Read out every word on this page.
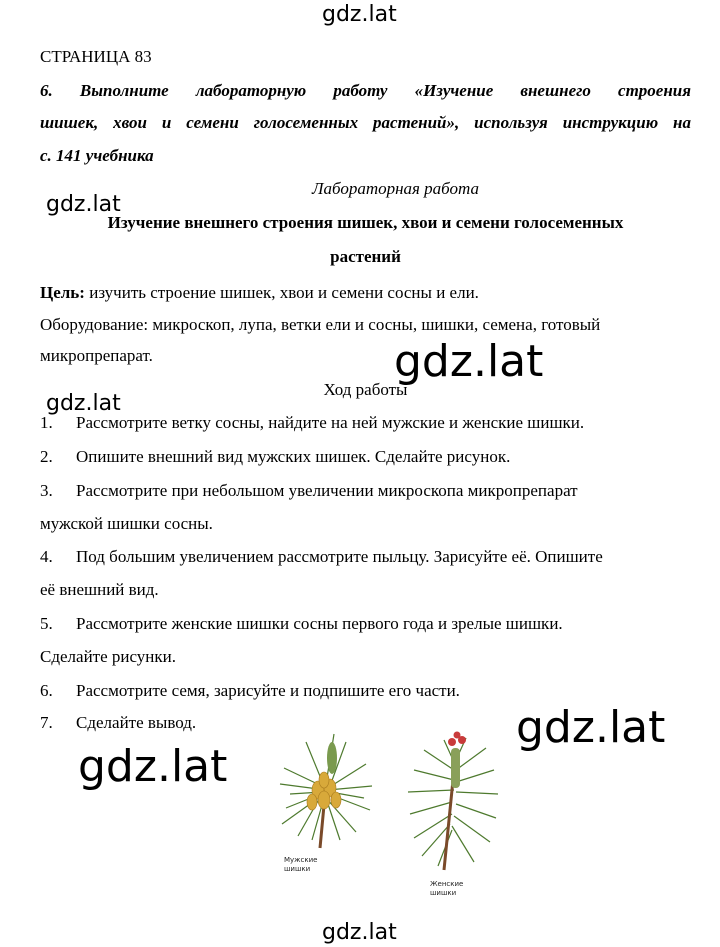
gdz.lat
gdz.lat
gdz.lat
gdz.lat
gdz.lat
gdz.lat
gdz.lat
СТРАНИЦА 83
6. Выполните лабораторную работу «Изучение внешнего строения
шишек, хвои и семени голосеменных растений», используя инструкцию на
с. 141 учебника
Лабораторная работа
Изучение внешнего строения шишек, хвои и семени голосеменных
растений
Цель: изучить строение шишек, хвои и семени сосны и ели.
Оборудование: микроскоп, лупа, ветки ели и сосны, шишки, семена, готовый
микропрепарат.
Ход работы
1. Рассмотрите ветку сосны, найдите на ней мужские и женские шишки.
2. Опишите внешний вид мужских шишек. Сделайте рисунок.
3. Рассмотрите при небольшом увеличении микроскопа микропрепарат
мужской шишки сосны.
4. Под большим увеличением рассмотрите пыльцу. Зарисуйте её. Опишите
её внешний вид.
5. Рассмотрите женские шишки сосны первого года и зрелые шишки.
Сделайте рисунки.
6. Рассмотрите семя, зарисуйте и подпишите его части.
7. Сделайте вывод.
Мужские
шишки
Женские
шишки
